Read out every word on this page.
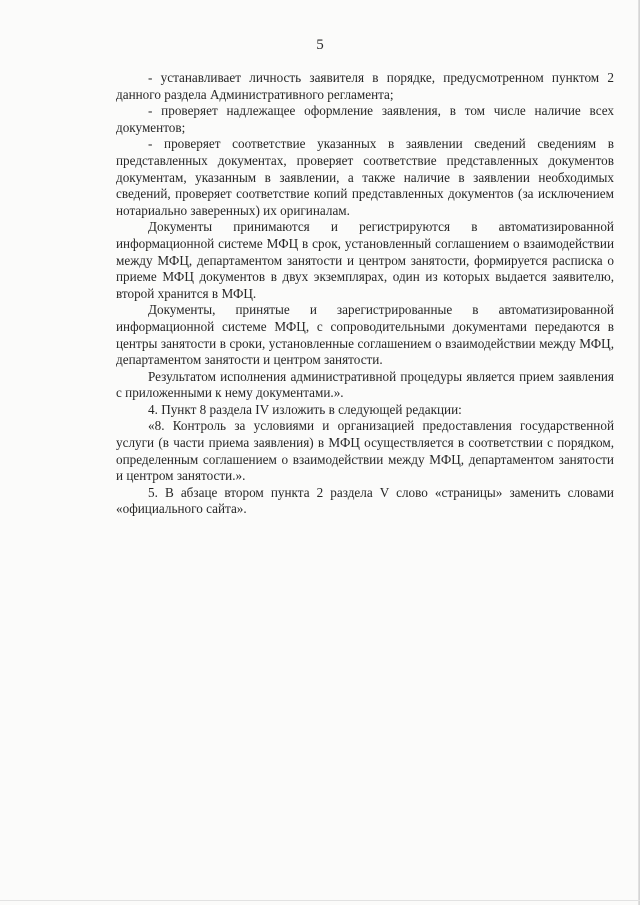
5

- устанавливает личность заявителя в порядке, предусмотренном пунктом 2 данного раздела Административного регламента;

- проверяет надлежащее оформление заявления, в том числе наличие всех документов;

- проверяет соответствие указанных в заявлении сведений сведениям в представленных документах, проверяет соответствие представленных документов документам, указанным в заявлении, а также наличие в заявлении необходимых сведений, проверяет соответствие копий представленных документов (за исключением нотариально заверенных) их оригиналам.

Документы принимаются и регистрируются в автоматизированной информационной системе МФЦ в срок, установленный соглашением о взаимодействии между МФЦ, департаментом занятости и центром занятости, формируется расписка о приеме МФЦ документов в двух экземплярах, один из которых выдается заявителю, второй хранится в МФЦ.

Документы, принятые и зарегистрированные в автоматизированной информационной системе МФЦ, с сопроводительными документами передаются в центры занятости в сроки, установленные соглашением о взаимодействии между МФЦ, департаментом занятости и центром занятости.

Результатом исполнения административной процедуры является прием заявления с приложенными к нему документами.».

4. Пункт 8 раздела IV изложить в следующей редакции:

«8. Контроль за условиями и организацией предоставления государственной услуги (в части приема заявления) в МФЦ осуществляется в соответствии с порядком, определенным соглашением о взаимодействии между МФЦ, департаментом занятости и центром занятости.».

5. В абзаце втором пункта 2 раздела V слово «страницы» заменить словами «официального сайта».
